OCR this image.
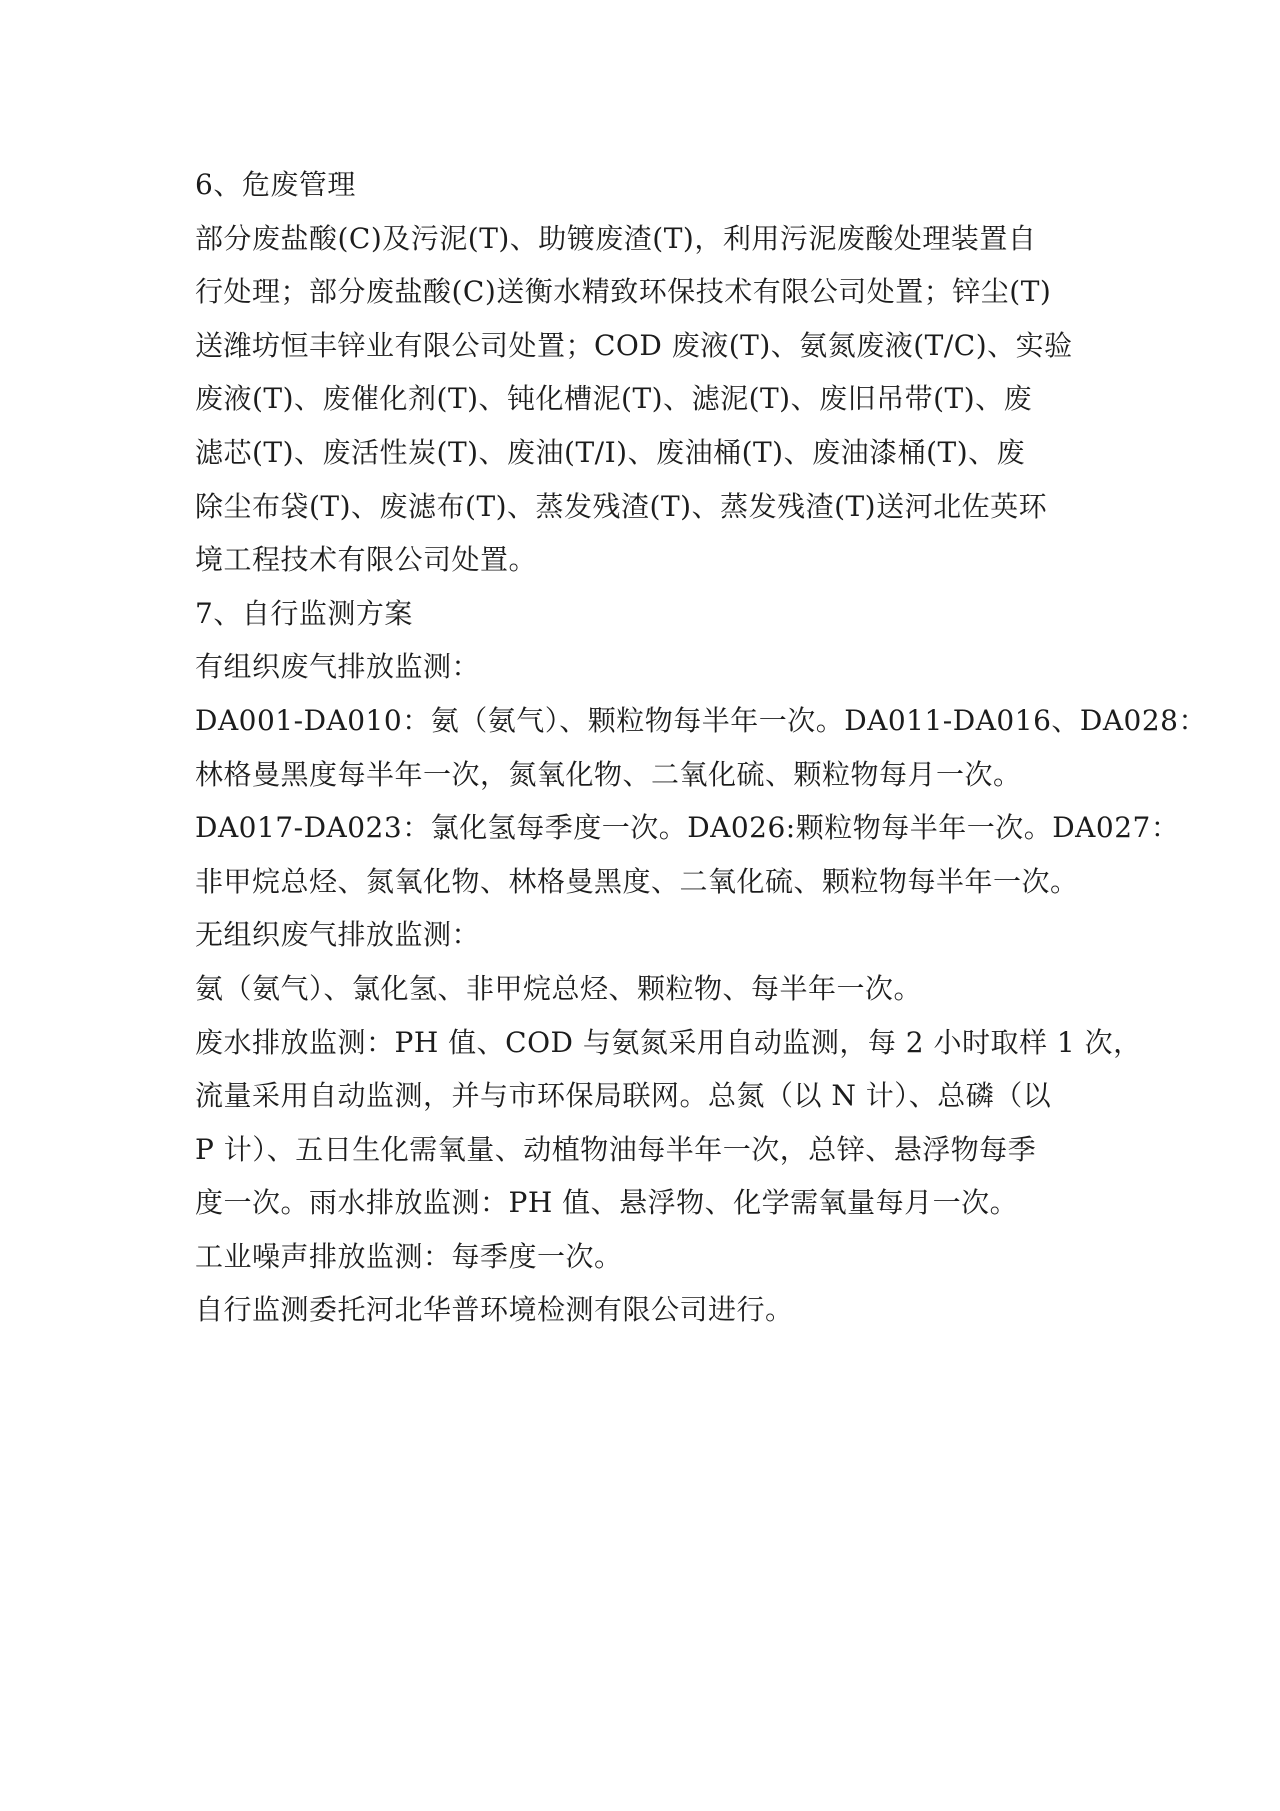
6、危废管理
部分废盐酸(C)及污泥(T)、助镀废渣(T)，利用污泥废酸处理装置自
行处理；部分废盐酸(C)送衡水精致环保技术有限公司处置；锌尘(T)
送潍坊恒丰锌业有限公司处置；COD 废液(T)、氨氮废液(T/C)、实验
废液(T)、废催化剂(T)、钝化槽泥(T)、滤泥(T)、废旧吊带(T)、废
滤芯(T)、废活性炭(T)、废油(T/I)、废油桶(T)、废油漆桶(T)、废
除尘布袋(T)、废滤布(T)、蒸发残渣(T)、蒸发残渣(T)送河北佐英环
境工程技术有限公司处置。
7、自行监测方案
有组织废气排放监测：
DA001-DA010：氨（氨气）、颗粒物每半年一次。DA011-DA016、DA028：
林格曼黑度每半年一次，氮氧化物、二氧化硫、颗粒物每月一次。
DA017-DA023：氯化氢每季度一次。DA026:颗粒物每半年一次。DA027：
非甲烷总烃、氮氧化物、林格曼黑度、二氧化硫、颗粒物每半年一次。
无组织废气排放监测：
氨（氨气）、氯化氢、非甲烷总烃、颗粒物、每半年一次。
废水排放监测：PH 值、COD 与氨氮采用自动监测，每 2 小时取样 1 次，
流量采用自动监测，并与市环保局联网。总氮（以 N 计）、总磷（以
P 计）、五日生化需氧量、动植物油每半年一次，总锌、悬浮物每季
度一次。雨水排放监测：PH 值、悬浮物、化学需氧量每月一次。
工业噪声排放监测：每季度一次。
自行监测委托河北华普环境检测有限公司进行。
